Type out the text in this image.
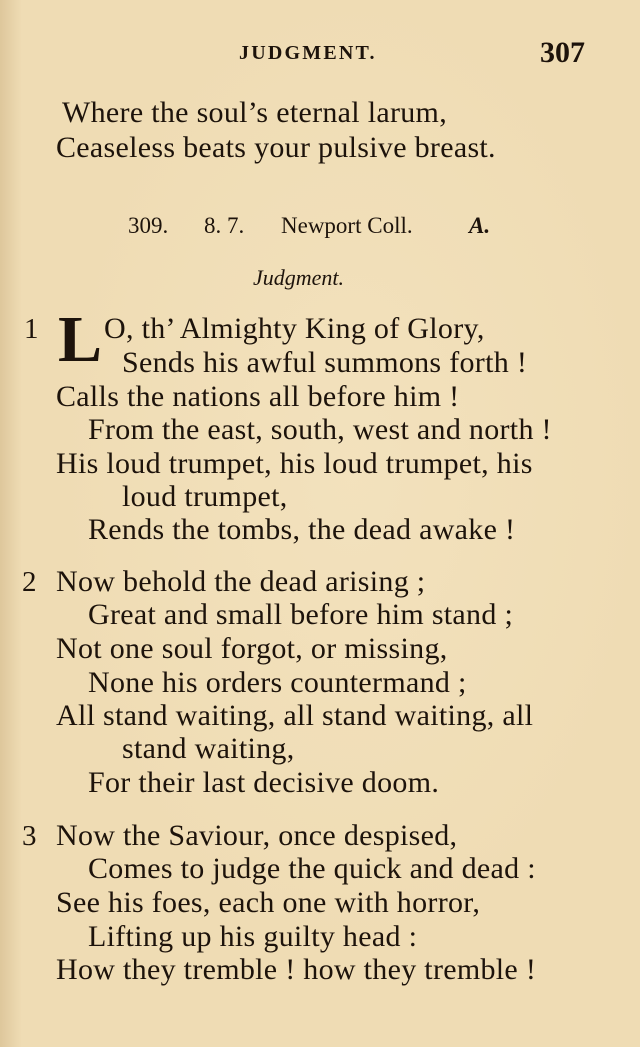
JUDGMENT.	307
Where the soul’s eternal larum,
Ceaseless beats your pulsive breast.
309. 8. 7. Newport Coll. A.
Judgment.
1 L O, th’ Almighty King of Glory,
Sends his awful summons forth !
Calls the nations all before him !
From the east, south, west and north !
His loud trumpet, his loud trumpet, his
loud trumpet,
Rends the tombs, the dead awake !
2 Now behold the dead arising ;
Great and small before him stand ;
Not one soul forgot, or missing,
None his orders countermand ;
All stand waiting, all stand waiting, all
stand waiting,
For their last decisive doom.
3 Now the Saviour, once despised,
Comes to judge the quick and dead :
See his foes, each one with horror,
Lifting up his guilty head :
How they tremble ! how they tremble !
